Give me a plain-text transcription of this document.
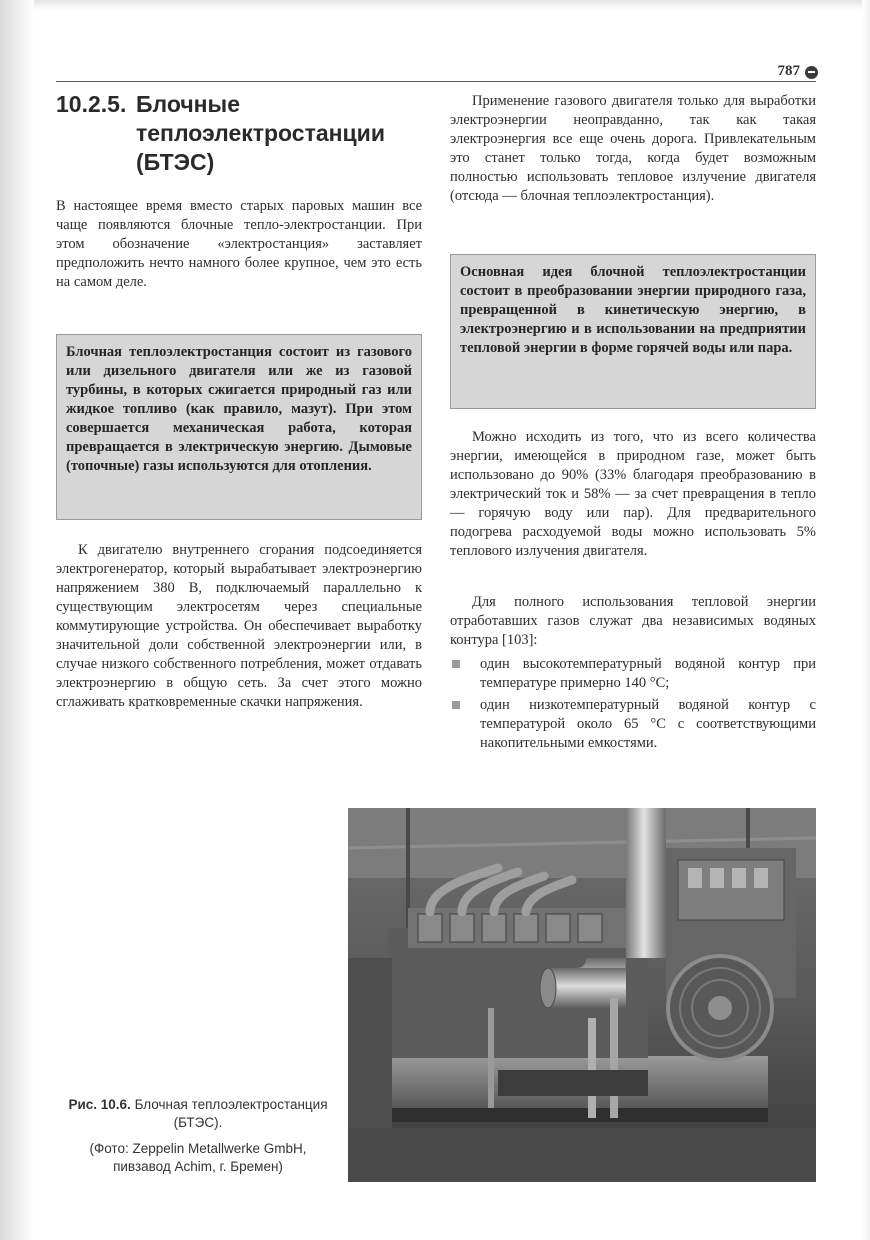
787
10.2.5. Блочные
теплоэлектростанции
(БТЭС)

В настоящее время вместо старых паровых машин все чаще появляются блочные тепло-электростанции. При этом обозначение «электростанция» заставляет предположить нечто намного более крупное, чем это есть на самом деле.

Блочная теплоэлектростанция состоит из газового или дизельного двигателя или же из газовой турбины, в которых сжигается природный газ или жидкое топливо (как правило, мазут). При этом совершается механическая работа, которая превращается в электрическую энергию. Дымовые (топочные) газы используются для отопления.

К двигателю внутреннего сгорания подсоединяется электрогенератор, который вырабатывает электроэнергию напряжением 380 В, подключаемый параллельно к существующим электросетям через специальные коммутирующие устройства. Он обеспечивает выработку значительной доли собственной электроэнергии или, в случае низкого собственного потребления, может отдавать электроэнергию в общую сеть. За счет этого можно сглаживать кратковременные скачки напряжения.

Применение газового двигателя только для выработки электроэнергии неоправданно, так как такая электроэнергия все еще очень дорога. Привлекательным это станет только тогда, когда будет возможным полностью использовать тепловое излучение двигателя (отсюда — блочная теплоэлектростанция).

Основная идея блочной теплоэлектростанции состоит в преобразовании энергии природного газа, превращенной в кинетическую энергию, в электроэнергию и в использовании на предприятии тепловой энергии в форме горячей воды или пара.

Можно исходить из того, что из всего количества энергии, имеющейся в природном газе, может быть использовано до 90% (33% благодаря преобразованию в электрический ток и 58% — за счет превращения в тепло — горячую воду или пар). Для предварительного подогрева расходуемой воды можно использовать 5% теплового излучения двигателя.

Для полного использования тепловой энергии отработавших газов служат два независимых водяных контура [103]:

один высокотемпературный водяной контур при температуре примерно 140 °С;
один низкотемпературный водяной контур с температурой около 65 °С с соответствующими накопительными емкостями.
Рис. 10.6. Блочная теплоэлектростанция (БТЭС).
(Фото: Zeppelin Metallwerke GmbH, пивзавод Achim, г. Бремен)
